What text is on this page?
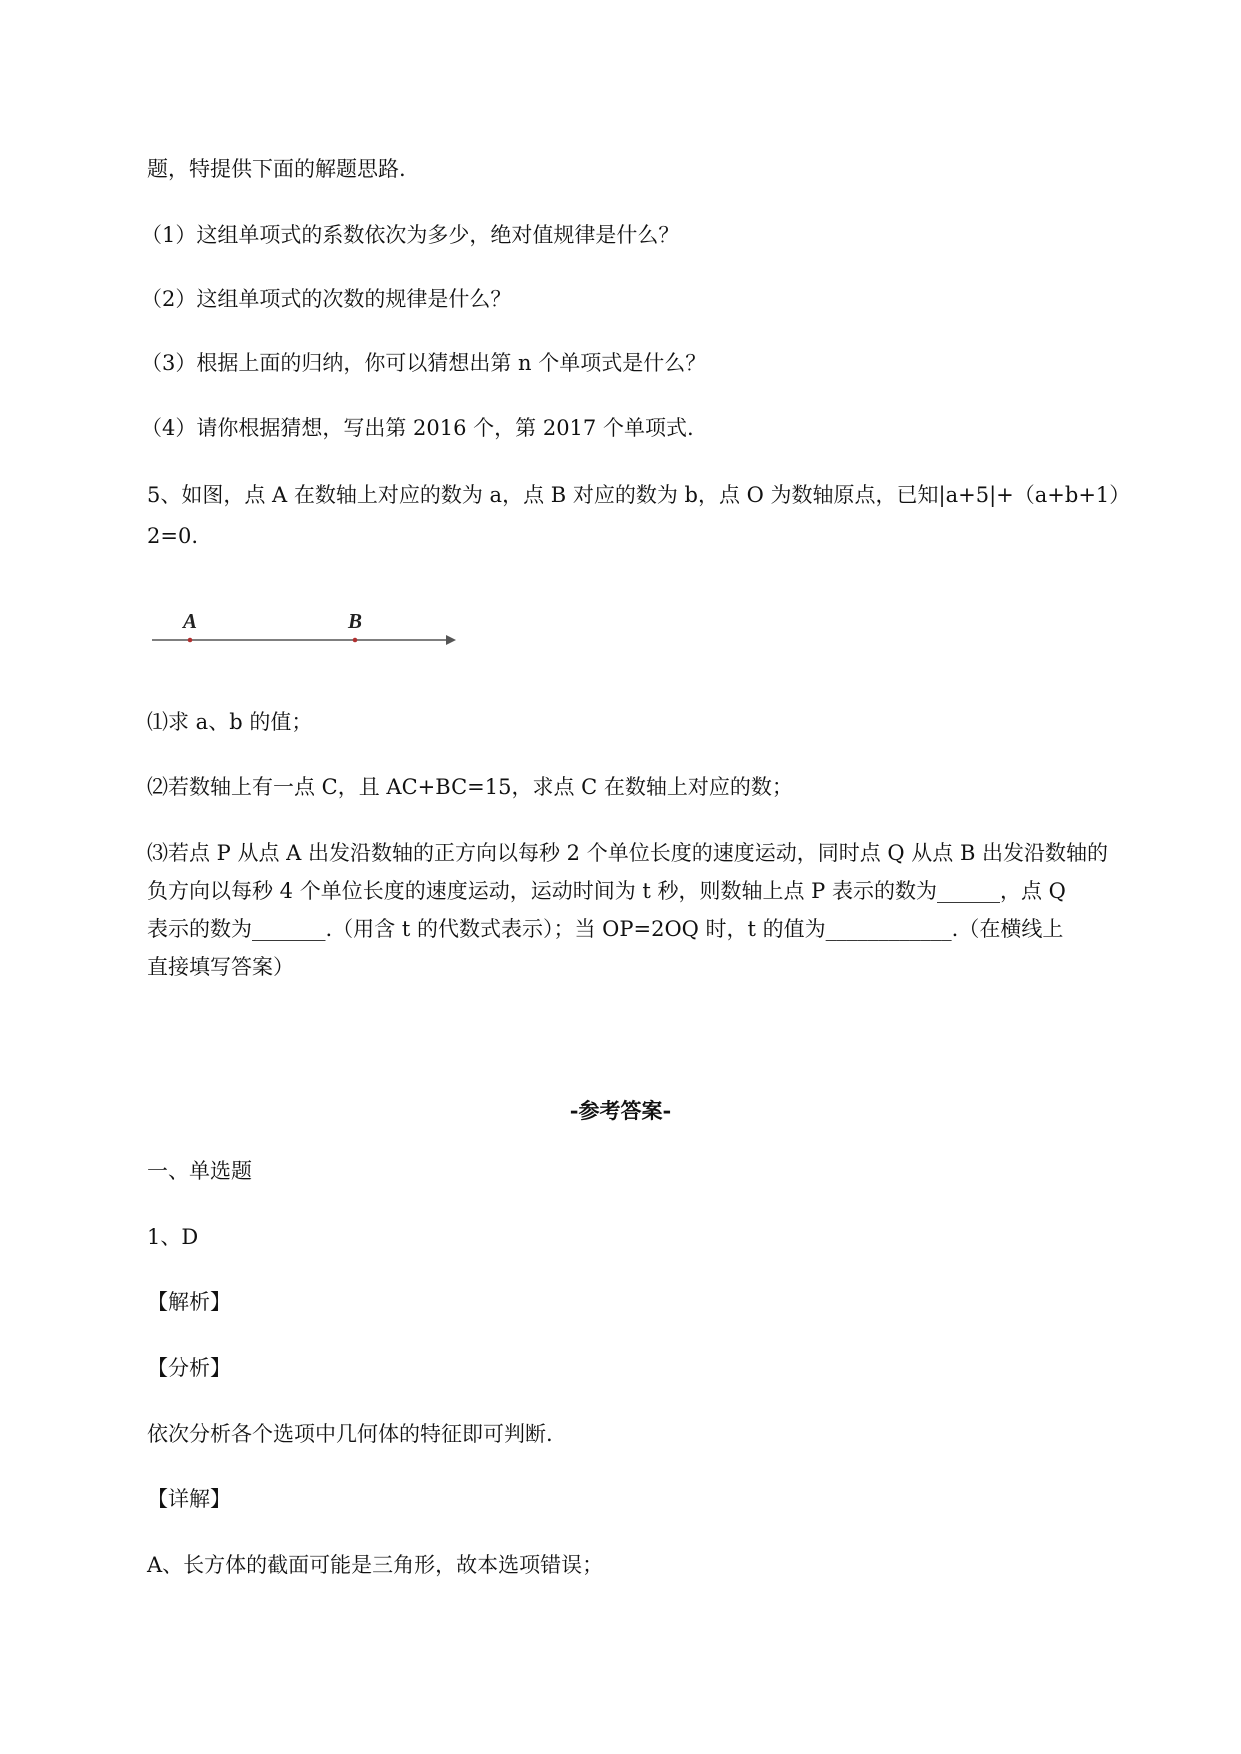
题，特提供下面的解题思路.
（1）这组单项式的系数依次为多少，绝对值规律是什么？
（2）这组单项式的次数的规律是什么？
（3）根据上面的归纳，你可以猜想出第 n 个单项式是什么？
（4）请你根据猜想，写出第 2016 个，第 2017 个单项式.
5、如图，点 A 在数轴上对应的数为 a，点 B 对应的数为 b，点 O 为数轴原点，已知|a+5|+（a+b+1）
2=0.
A	B
⑴求 a、b 的值；
⑵若数轴上有一点 C，且 AC+BC=15，求点 C 在数轴上对应的数；
⑶若点 P 从点 A 出发沿数轴的正方向以每秒 2 个单位长度的速度运动，同时点 Q 从点 B 出发沿数轴的
负方向以每秒 4 个单位长度的速度运动，运动时间为 t 秒，则数轴上点 P 表示的数为______，点 Q
表示的数为_______.（用含 t 的代数式表示）；当 OP=2OQ 时，t 的值为____________.（在横线上
直接填写答案）
-参考答案-
一、单选题
1、D
【解析】
【分析】
依次分析各个选项中几何体的特征即可判断.
【详解】
A、长方体的截面可能是三角形，故本选项错误；
